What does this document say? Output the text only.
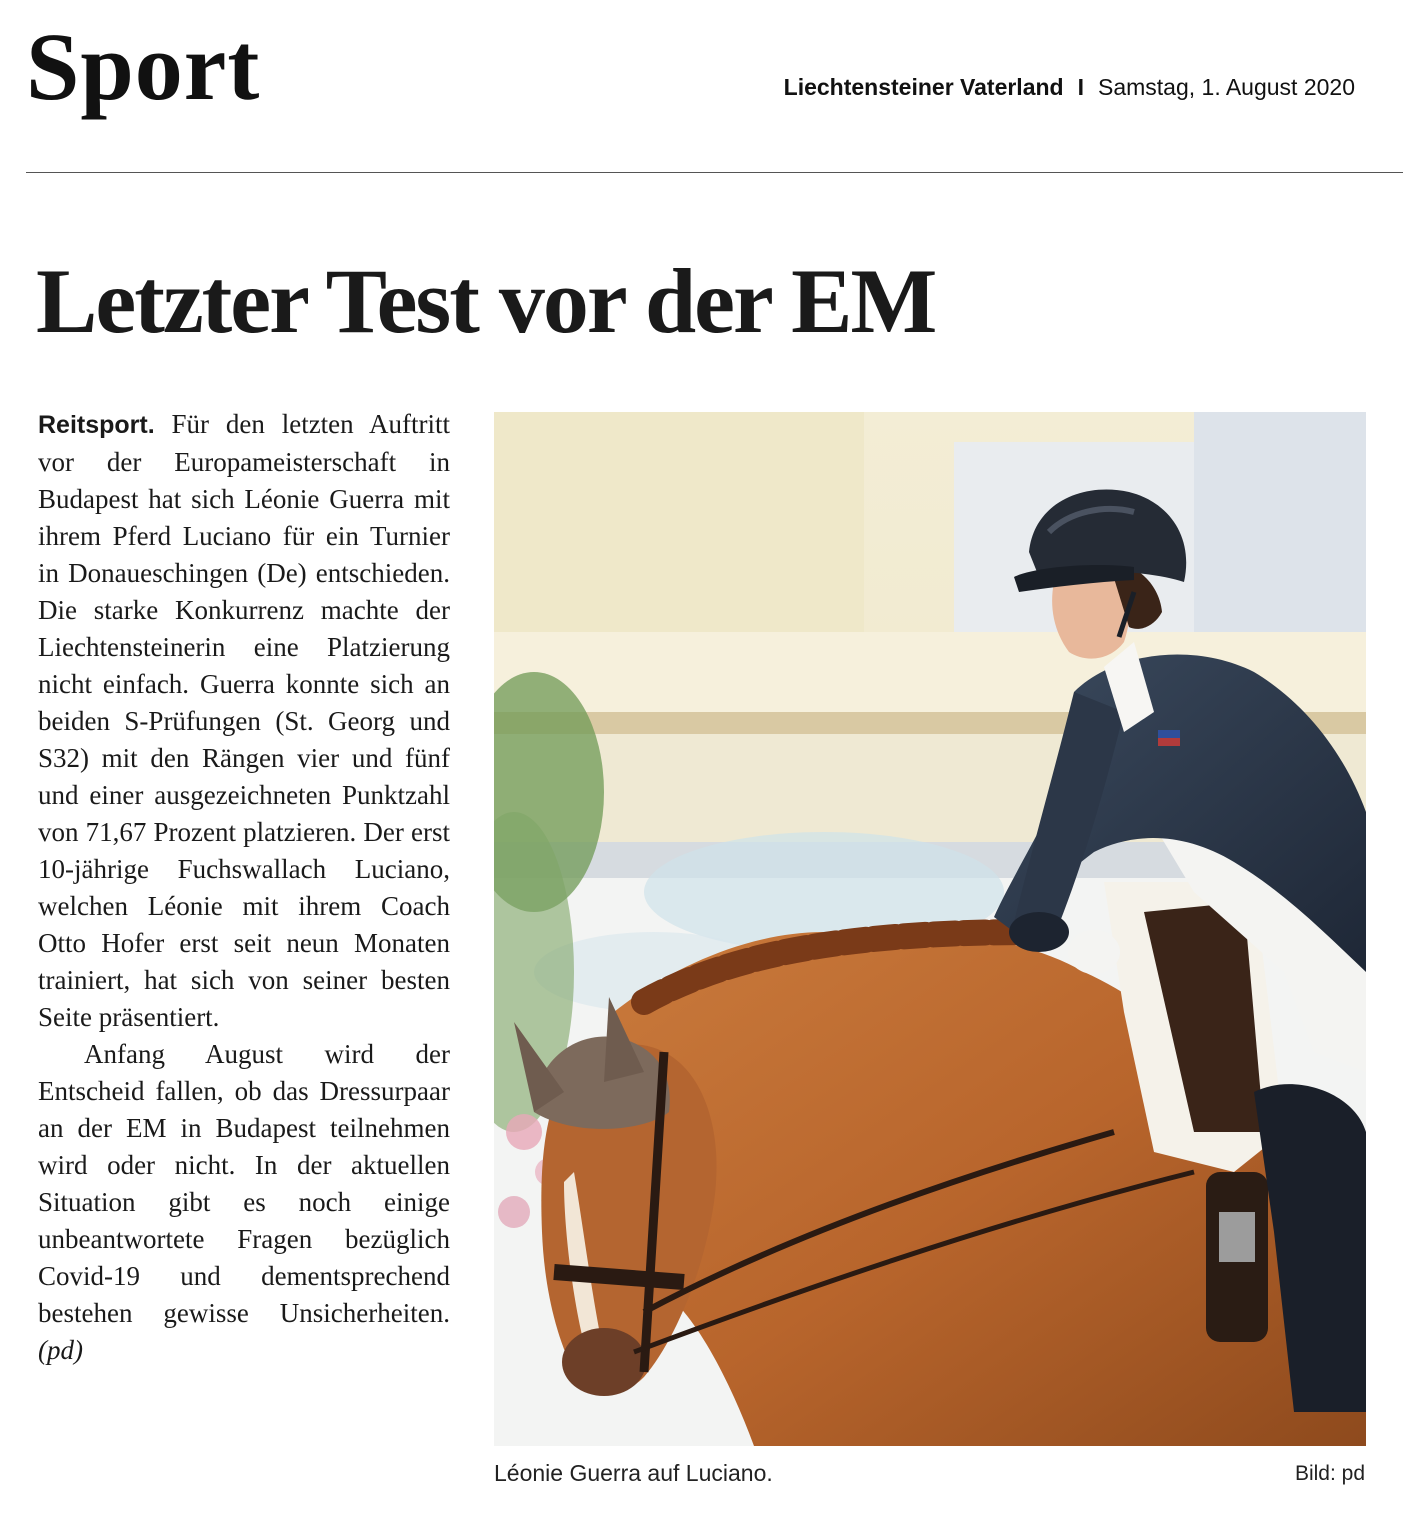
Sport	Liechtensteiner Vaterland I Samstag, 1. August 2020
Letzter Test vor der EM

Reitsport. Für den letzten Auftritt vor der Europameisterschaft in Budapest hat sich Léonie Guerra mit ihrem Pferd Luciano für ein Turnier in Donaueschingen (De) entschieden. Die starke Konkurrenz machte der Liechtensteinerin eine Platzierung nicht einfach. Guerra konnte sich an beiden S-Prüfungen (St. Georg und S32) mit den Rängen vier und fünf und einer ausgezeichneten Punktzahl von 71,67 Prozent platzieren. Der erst 10-jährige Fuchswallach Luciano, welchen Léonie mit ihrem Coach Otto Hofer erst seit neun Monaten trainiert, hat sich von seiner besten Seite präsentiert.

Anfang August wird der Entscheid fallen, ob das Dressurpaar an der EM in Budapest teilnehmen wird oder nicht. In der aktuellen Situation gibt es noch einige unbeantwortete Fragen bezüglich Covid-19 und dementsprechend bestehen gewisse Unsicherheiten. (pd)

Léonie Guerra auf Luciano.	Bild: pd
